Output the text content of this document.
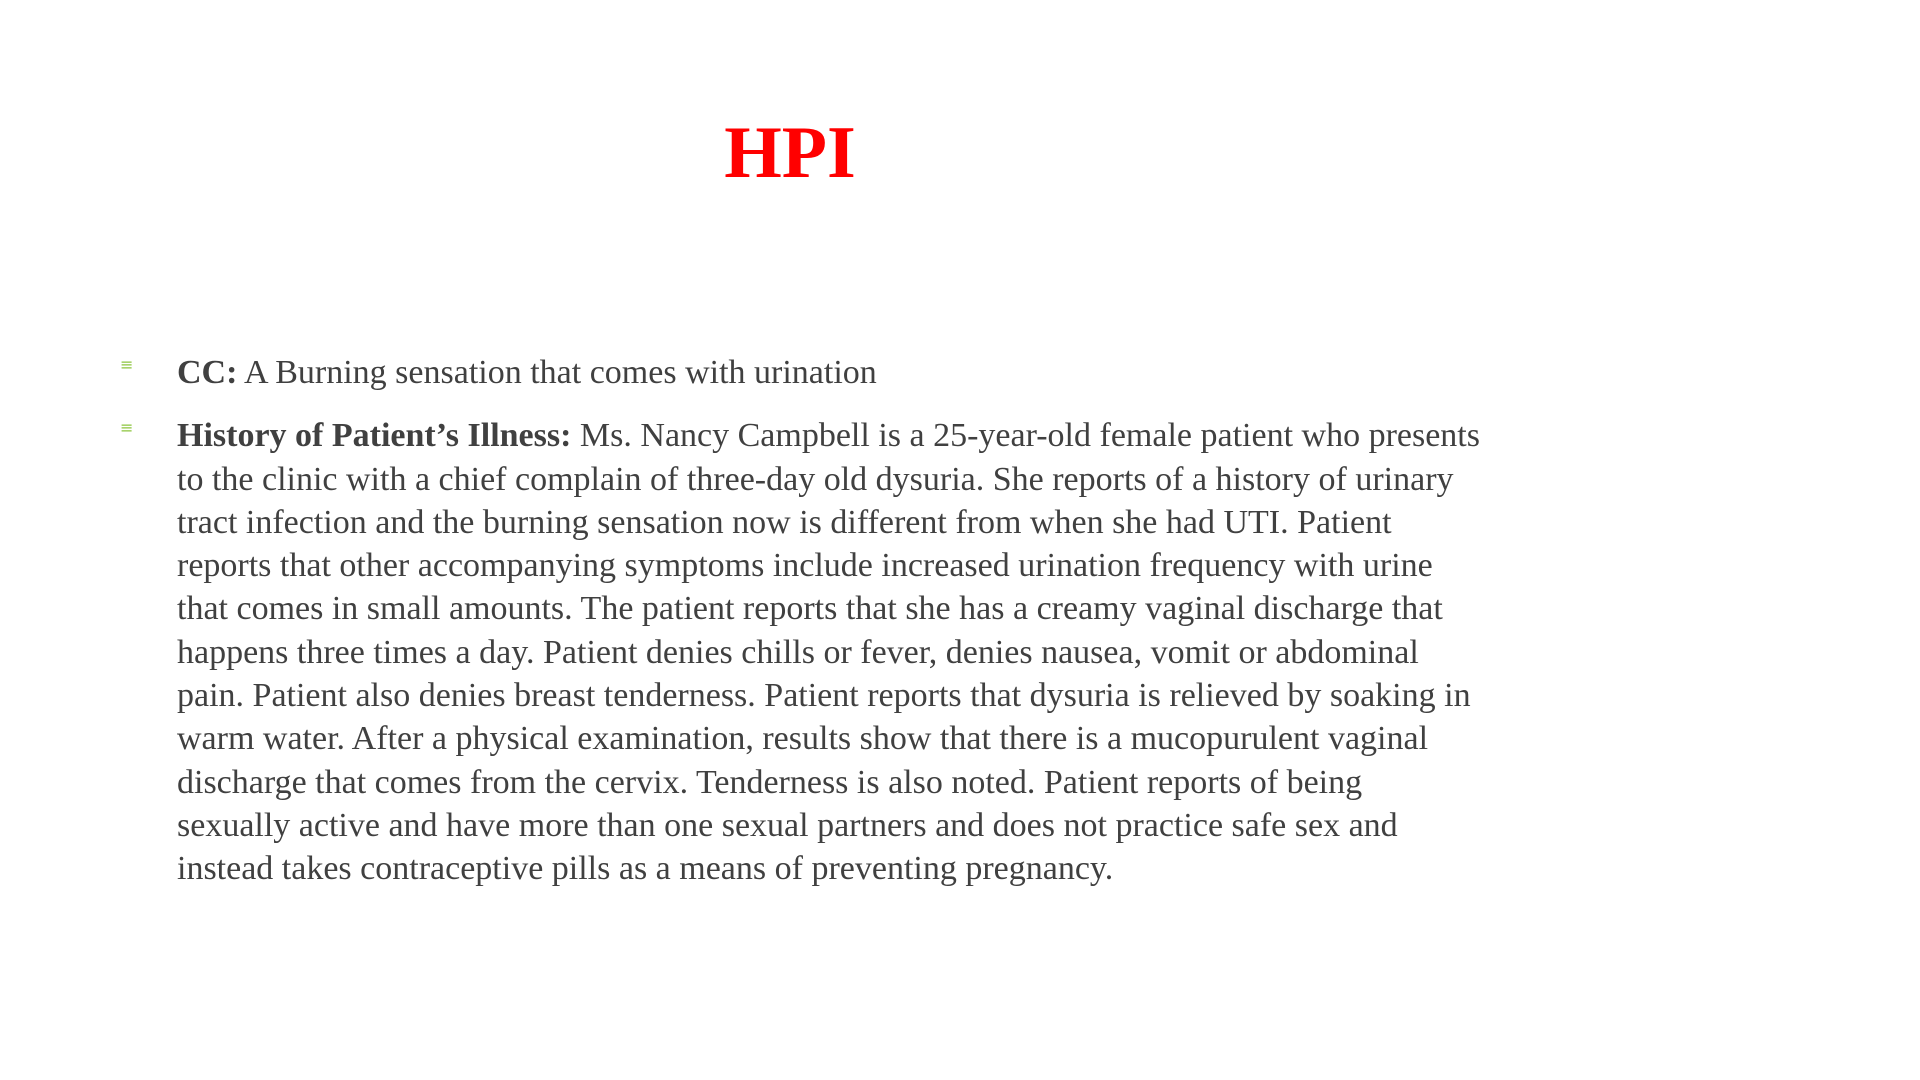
HPI
≡ CC: A Burning sensation that comes with urination
≡ History of Patient’s Illness: Ms. Nancy Campbell is a 25-year-old female patient who presents         to the clinic with a chief complain of three-day old dysuria. She reports of a history of urinary tract infection and the burning sensation now is different from when she had UTI. Patient reports that other accompanying symptoms include increased urination frequency with urine that comes in small amounts. The patient reports that she has a creamy vaginal discharge that happens three times a day. Patient denies chills or fever, denies nausea, vomit or abdominal pain. Patient also denies breast tenderness. Patient reports that dysuria is relieved by soaking in warm water. After a physical examination, results show that there is a mucopurulent vaginal discharge that comes from the cervix. Tenderness is also noted. Patient reports of being sexually active and have more than one sexual partners and does not practice safe sex and instead takes contraceptive pills as a means of preventing pregnancy.
